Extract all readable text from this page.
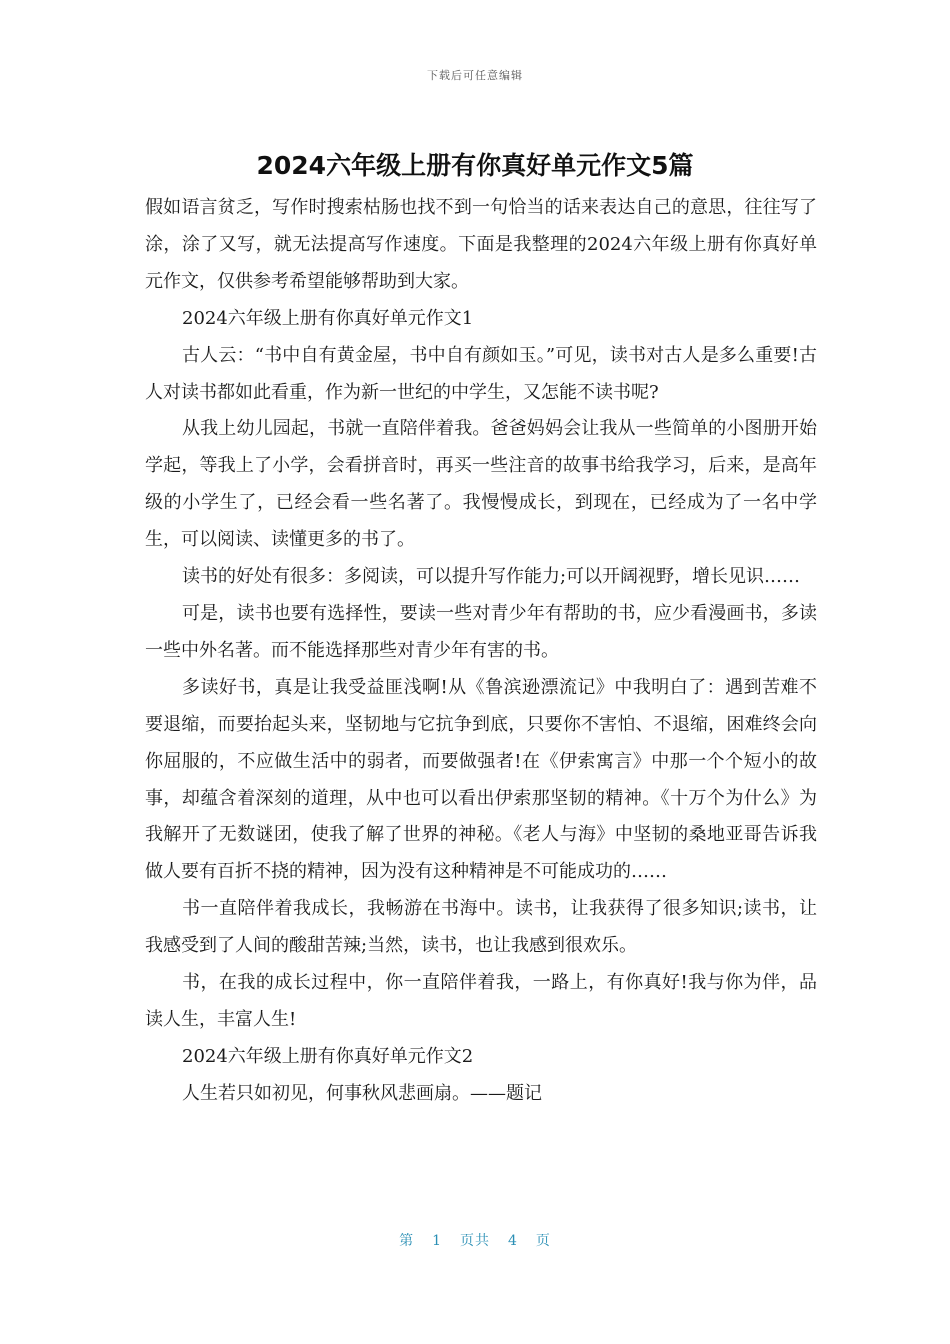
下载后可任意编辑
2024六年级上册有你真好单元作文5篇

假如语言贫乏，写作时搜索枯肠也找不到一句恰当的话来表达自己的意思，往往写了涂，涂了又写，就无法提高写作速度。下面是我整理的2024六年级上册有你真好单元作文，仅供参考希望能够帮助到大家。

2024六年级上册有你真好单元作文1

古人云：“书中自有黄金屋，书中自有颜如玉。”可见，读书对古人是多么重要!古人对读书都如此看重，作为新一世纪的中学生，又怎能不读书呢?

从我上幼儿园起，书就一直陪伴着我。爸爸妈妈会让我从一些简单的小图册开始学起，等我上了小学，会看拼音时，再买一些注音的故事书给我学习，后来，是高年级的小学生了，已经会看一些名著了。我慢慢成长，到现在，已经成为了一名中学生，可以阅读、读懂更多的书了。

读书的好处有很多：多阅读，可以提升写作能力;可以开阔视野，增长见识……

可是，读书也要有选择性，要读一些对青少年有帮助的书，应少看漫画书，多读一些中外名著。而不能选择那些对青少年有害的书。

多读好书，真是让我受益匪浅啊!从《鲁滨逊漂流记》中我明白了：遇到苦难不要退缩，而要抬起头来，坚韧地与它抗争到底，只要你不害怕、不退缩，困难终会向你屈服的，不应做生活中的弱者，而要做强者!在《伊索寓言》中那一个个短小的故事，却蕴含着深刻的道理，从中也可以看出伊索那坚韧的精神。《十万个为什么》为我解开了无数谜团，使我了解了世界的神秘。《老人与海》中坚韧的桑地亚哥告诉我做人要有百折不挠的精神，因为没有这种精神是不可能成功的……

书一直陪伴着我成长，我畅游在书海中。读书，让我获得了很多知识;读书，让我感受到了人间的酸甜苦辣;当然，读书，也让我感到很欢乐。

书，在我的成长过程中，你一直陪伴着我，一路上，有你真好!我与你为伴，品读人生，丰富人生!

2024六年级上册有你真好单元作文2

人生若只如初见，何事秋风悲画扇。——题记

第 1 页共 4 页
